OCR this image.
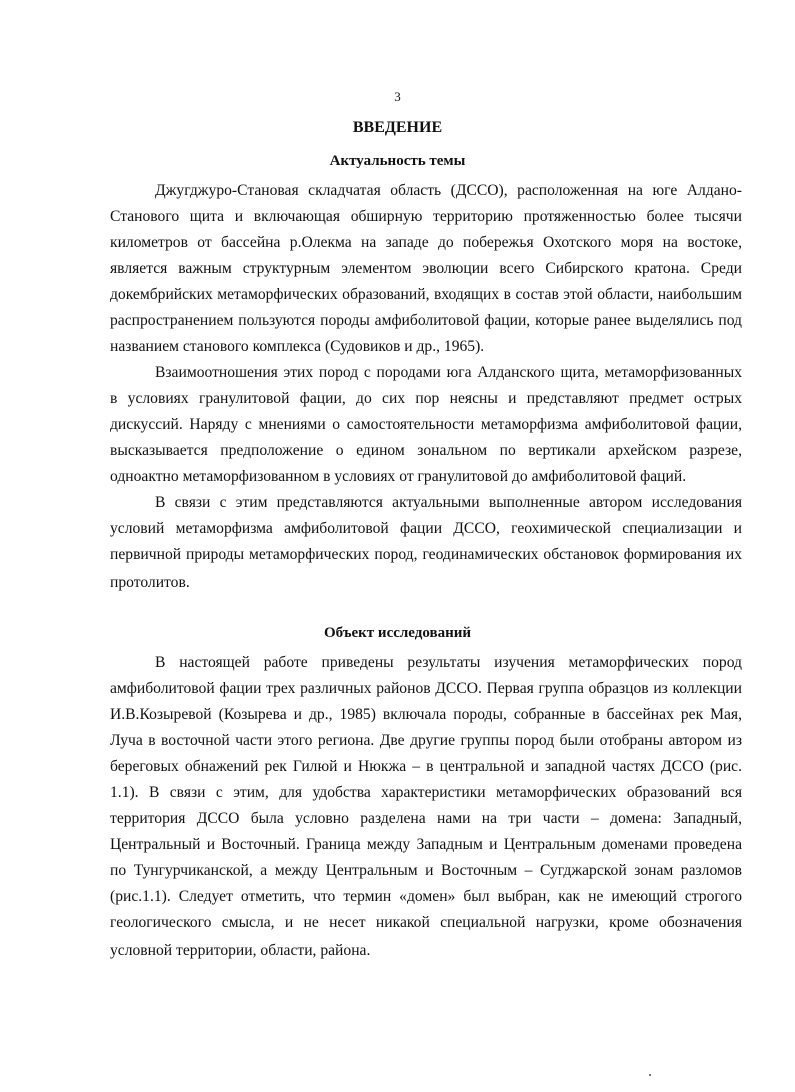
3
ВВЕДЕНИЕ
Актуальность темы
Джугджуро-Становая складчатая область (ДССО), расположенная на юге Алдано-
Станового щита и включающая обширную территорию протяженностью более тысячи
километров от бассейна р.Олекма на западе до побережья Охотского моря на востоке,
является важным структурным элементом эволюции всего Сибирского кратона. Среди
докембрийских метаморфических образований, входящих в состав этой области, наибольшим
распространением пользуются породы амфиболитовой фации, которые ранее выделялись под
названием станового комплекса (Судовиков и др., 1965).
Взаимоотношения этих пород с породами юга Алданского щита, метаморфизованных
в условиях гранулитовой фации, до сих пор неясны и представляют предмет острых
дискуссий. Наряду с мнениями о самостоятельности метаморфизма амфиболитовой фации,
высказывается предположение о едином зональном по вертикали архейском разрезе,
одноактно метаморфизованном в условиях от гранулитовой до амфиболитовой фаций.
В связи с этим представляются актуальными выполненные автором исследования
условий метаморфизма амфиболитовой фации ДССО, геохимической специализации и
первичной природы метаморфических пород, геодинамических обстановок формирования их
протолитов.
Объект исследований
В настоящей работе приведены результаты изучения метаморфических пород
амфиболитовой фации трех различных районов ДССО. Первая группа образцов из коллекции
И.В.Козыревой (Козырева и др., 1985) включала породы, собранные в бассейнах рек Мая,
Луча в восточной части этого региона. Две другие группы пород были отобраны автором из
береговых обнажений рек Гилюй и Нюкжа – в центральной и западной частях ДССО (рис.
1.1). В связи с этим, для удобства характеристики метаморфических образований вся
территория ДССО была условно разделена нами на три части – домена: Западный,
Центральный и Восточный. Граница между Западным и Центральным доменами проведена
по Тунгурчиканской, а между Центральным и Восточным – Сугджарской зонам разломов
(рис.1.1). Следует отметить, что термин «домен» был выбран, как не имеющий строгого
геологического смысла, и не несет никакой специальной нагрузки, кроме обозначения
условной территории, области, района.
